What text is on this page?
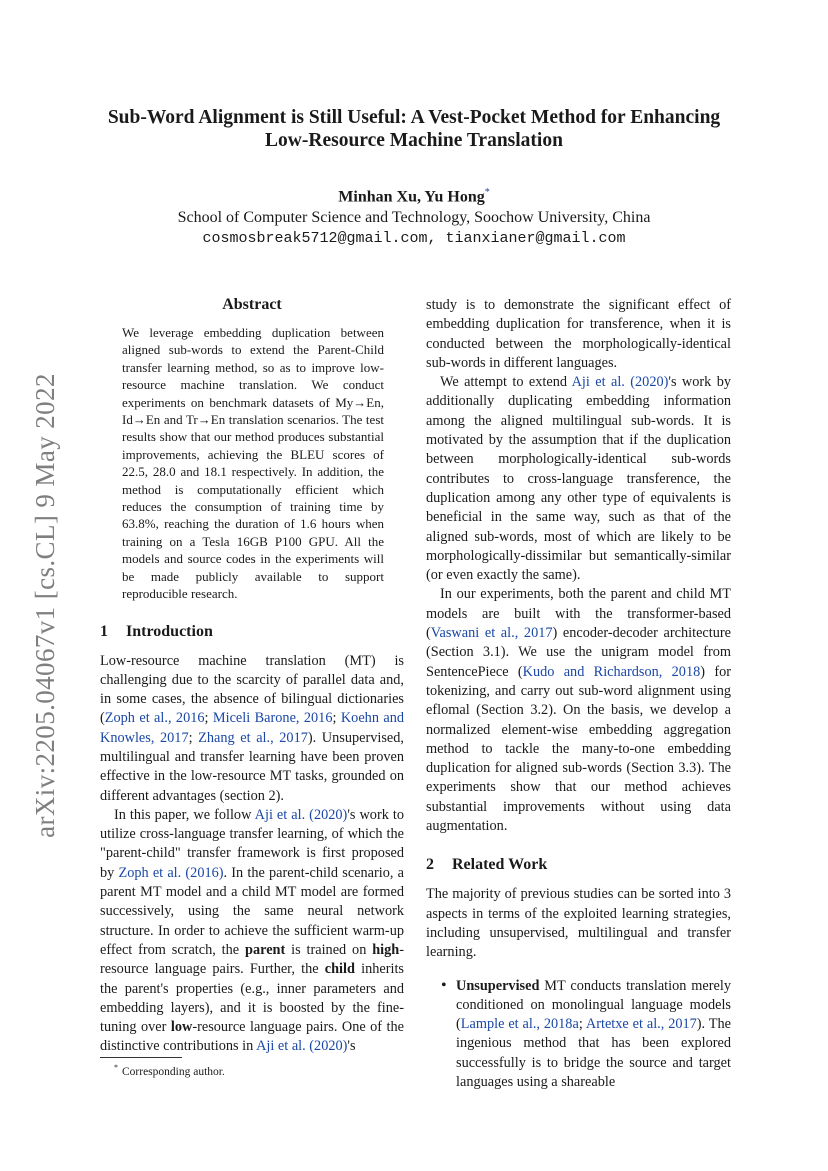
arXiv:2205.04067v1 [cs.CL] 9 May 2022
Sub-Word Alignment is Still Useful: A Vest-Pocket Method for Enhancing
Low-Resource Machine Translation
Minhan Xu, Yu Hong*
School of Computer Science and Technology, Soochow University, China
cosmosbreak5712@gmail.com, tianxianer@gmail.com
Abstract

We leverage embedding duplication between aligned sub-words to extend the Parent-Child transfer learning method, so as to improve low-resource machine translation. We conduct experiments on benchmark datasets of My→En, Id→En and Tr→En translation scenarios. The test results show that our method produces substantial improvements, achieving the BLEU scores of 22.5, 28.0 and 18.1 respectively. In addition, the method is computationally efficient which reduces the consumption of training time by 63.8%, reaching the duration of 1.6 hours when training on a Tesla 16GB P100 GPU. All the models and source codes in the experiments will be made publicly available to support reproducible research.

1 Introduction

Low-resource machine translation (MT) is challenging due to the scarcity of parallel data and, in some cases, the absence of bilingual dictionaries (Zoph et al., 2016; Miceli Barone, 2016; Koehn and Knowles, 2017; Zhang et al., 2017). Unsupervised, multilingual and transfer learning have been proven effective in the low-resource MT tasks, grounded on different advantages (section 2).

In this paper, we follow Aji et al. (2020)'s work to utilize cross-language transfer learning, of which the "parent-child" transfer framework is first proposed by Zoph et al. (2016). In the parent-child scenario, a parent MT model and a child MT model are formed successively, using the same neural network structure. In order to achieve the sufficient warm-up effect from scratch, the parent is trained on high-resource language pairs. Further, the child inherits the parent's properties (e.g., inner parameters and embedding layers), and it is boosted by the fine-tuning over low-resource language pairs. One of the distinctive contributions in Aji et al. (2020)'s

study is to demonstrate the significant effect of embedding duplication for transference, when it is conducted between the morphologically-identical sub-words in different languages.

We attempt to extend Aji et al. (2020)'s work by additionally duplicating embedding information among the aligned multilingual sub-words. It is motivated by the assumption that if the duplication between morphologically-identical sub-words contributes to cross-language transference, the duplication among any other type of equivalents is beneficial in the same way, such as that of the aligned sub-words, most of which are likely to be morphologically-dissimilar but semantically-similar (or even exactly the same).

In our experiments, both the parent and child MT models are built with the transformer-based (Vaswani et al., 2017) encoder-decoder architecture (Section 3.1). We use the unigram model from SentencePiece (Kudo and Richardson, 2018) for tokenizing, and carry out sub-word alignment using eflomal (Section 3.2). On the basis, we develop a normalized element-wise embedding aggregation method to tackle the many-to-one embedding duplication for aligned sub-words (Section 3.3). The experiments show that our method achieves substantial improvements without using data augmentation.

2 Related Work

The majority of previous studies can be sorted into 3 aspects in terms of the exploited learning strategies, including unsupervised, multilingual and transfer learning.

• Unsupervised MT conducts translation merely conditioned on monolingual language models (Lample et al., 2018a; Artetxe et al., 2017). The ingenious method that has been explored successfully is to bridge the source and target languages using a shareable

* Corresponding author.
